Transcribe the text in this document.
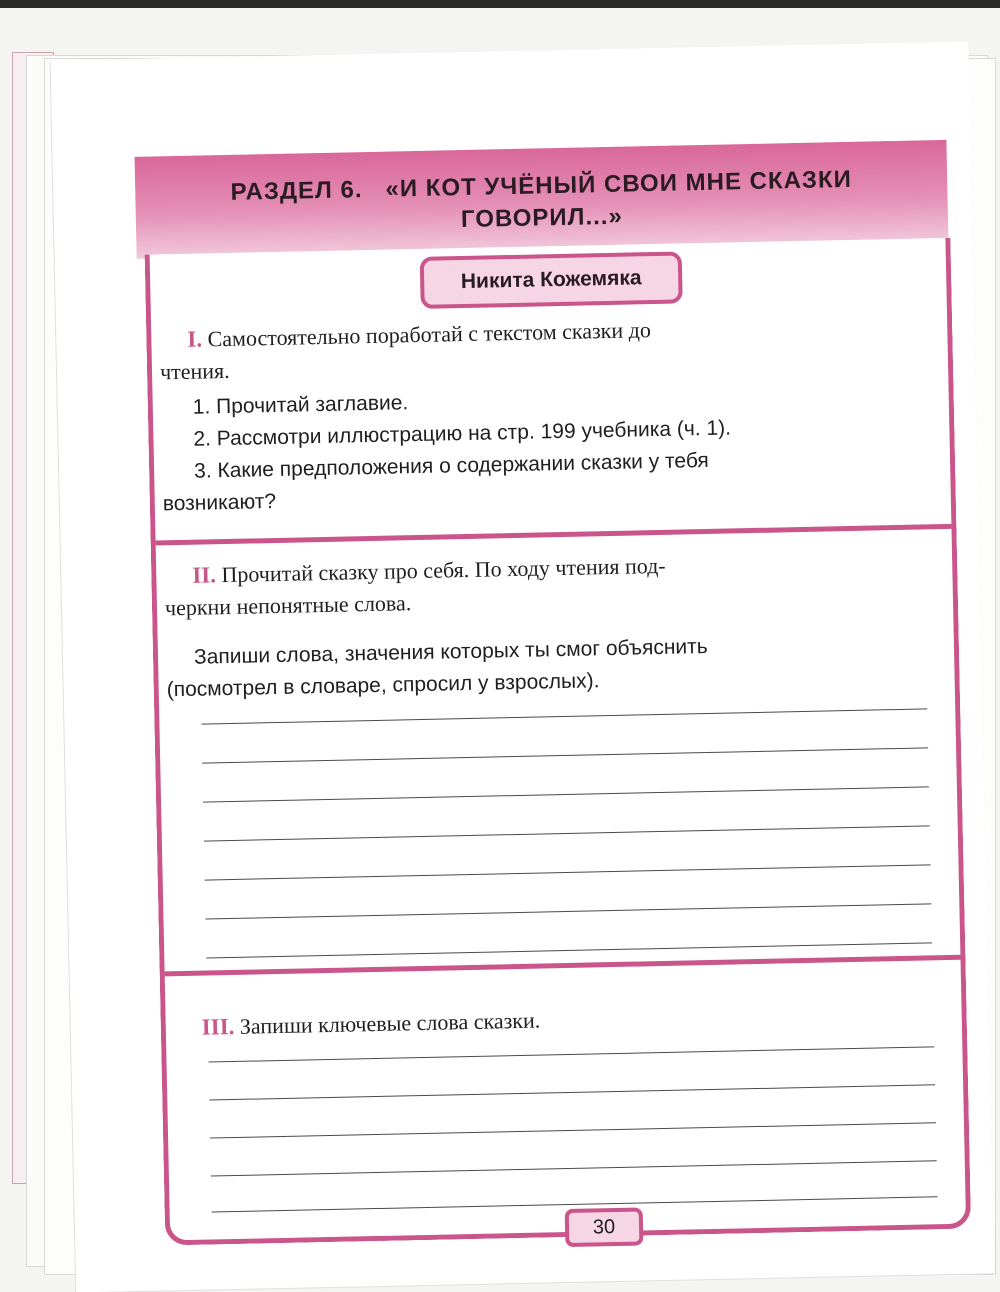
РАЗДЕЛ 6. «И КОТ УЧЁНЫЙ СВОИ МНЕ СКАЗКИ
ГОВОРИЛ...»
Никита Кожемяка
I. Самостоятельно поработай с текстом сказки до
чтения.
1. Прочитай заглавие.
2. Рассмотри иллюстрацию на стр. 199 учебника (ч. 1).
3. Какие предположения о содержании сказки у тебя
возникают?
II. Прочитай сказку про себя. По ходу чтения под-
черкни непонятные слова.
Запиши слова, значения которых ты смог объяснить
(посмотрел в словаре, спросил у взрослых).
III. Запиши ключевые слова сказки.
30
